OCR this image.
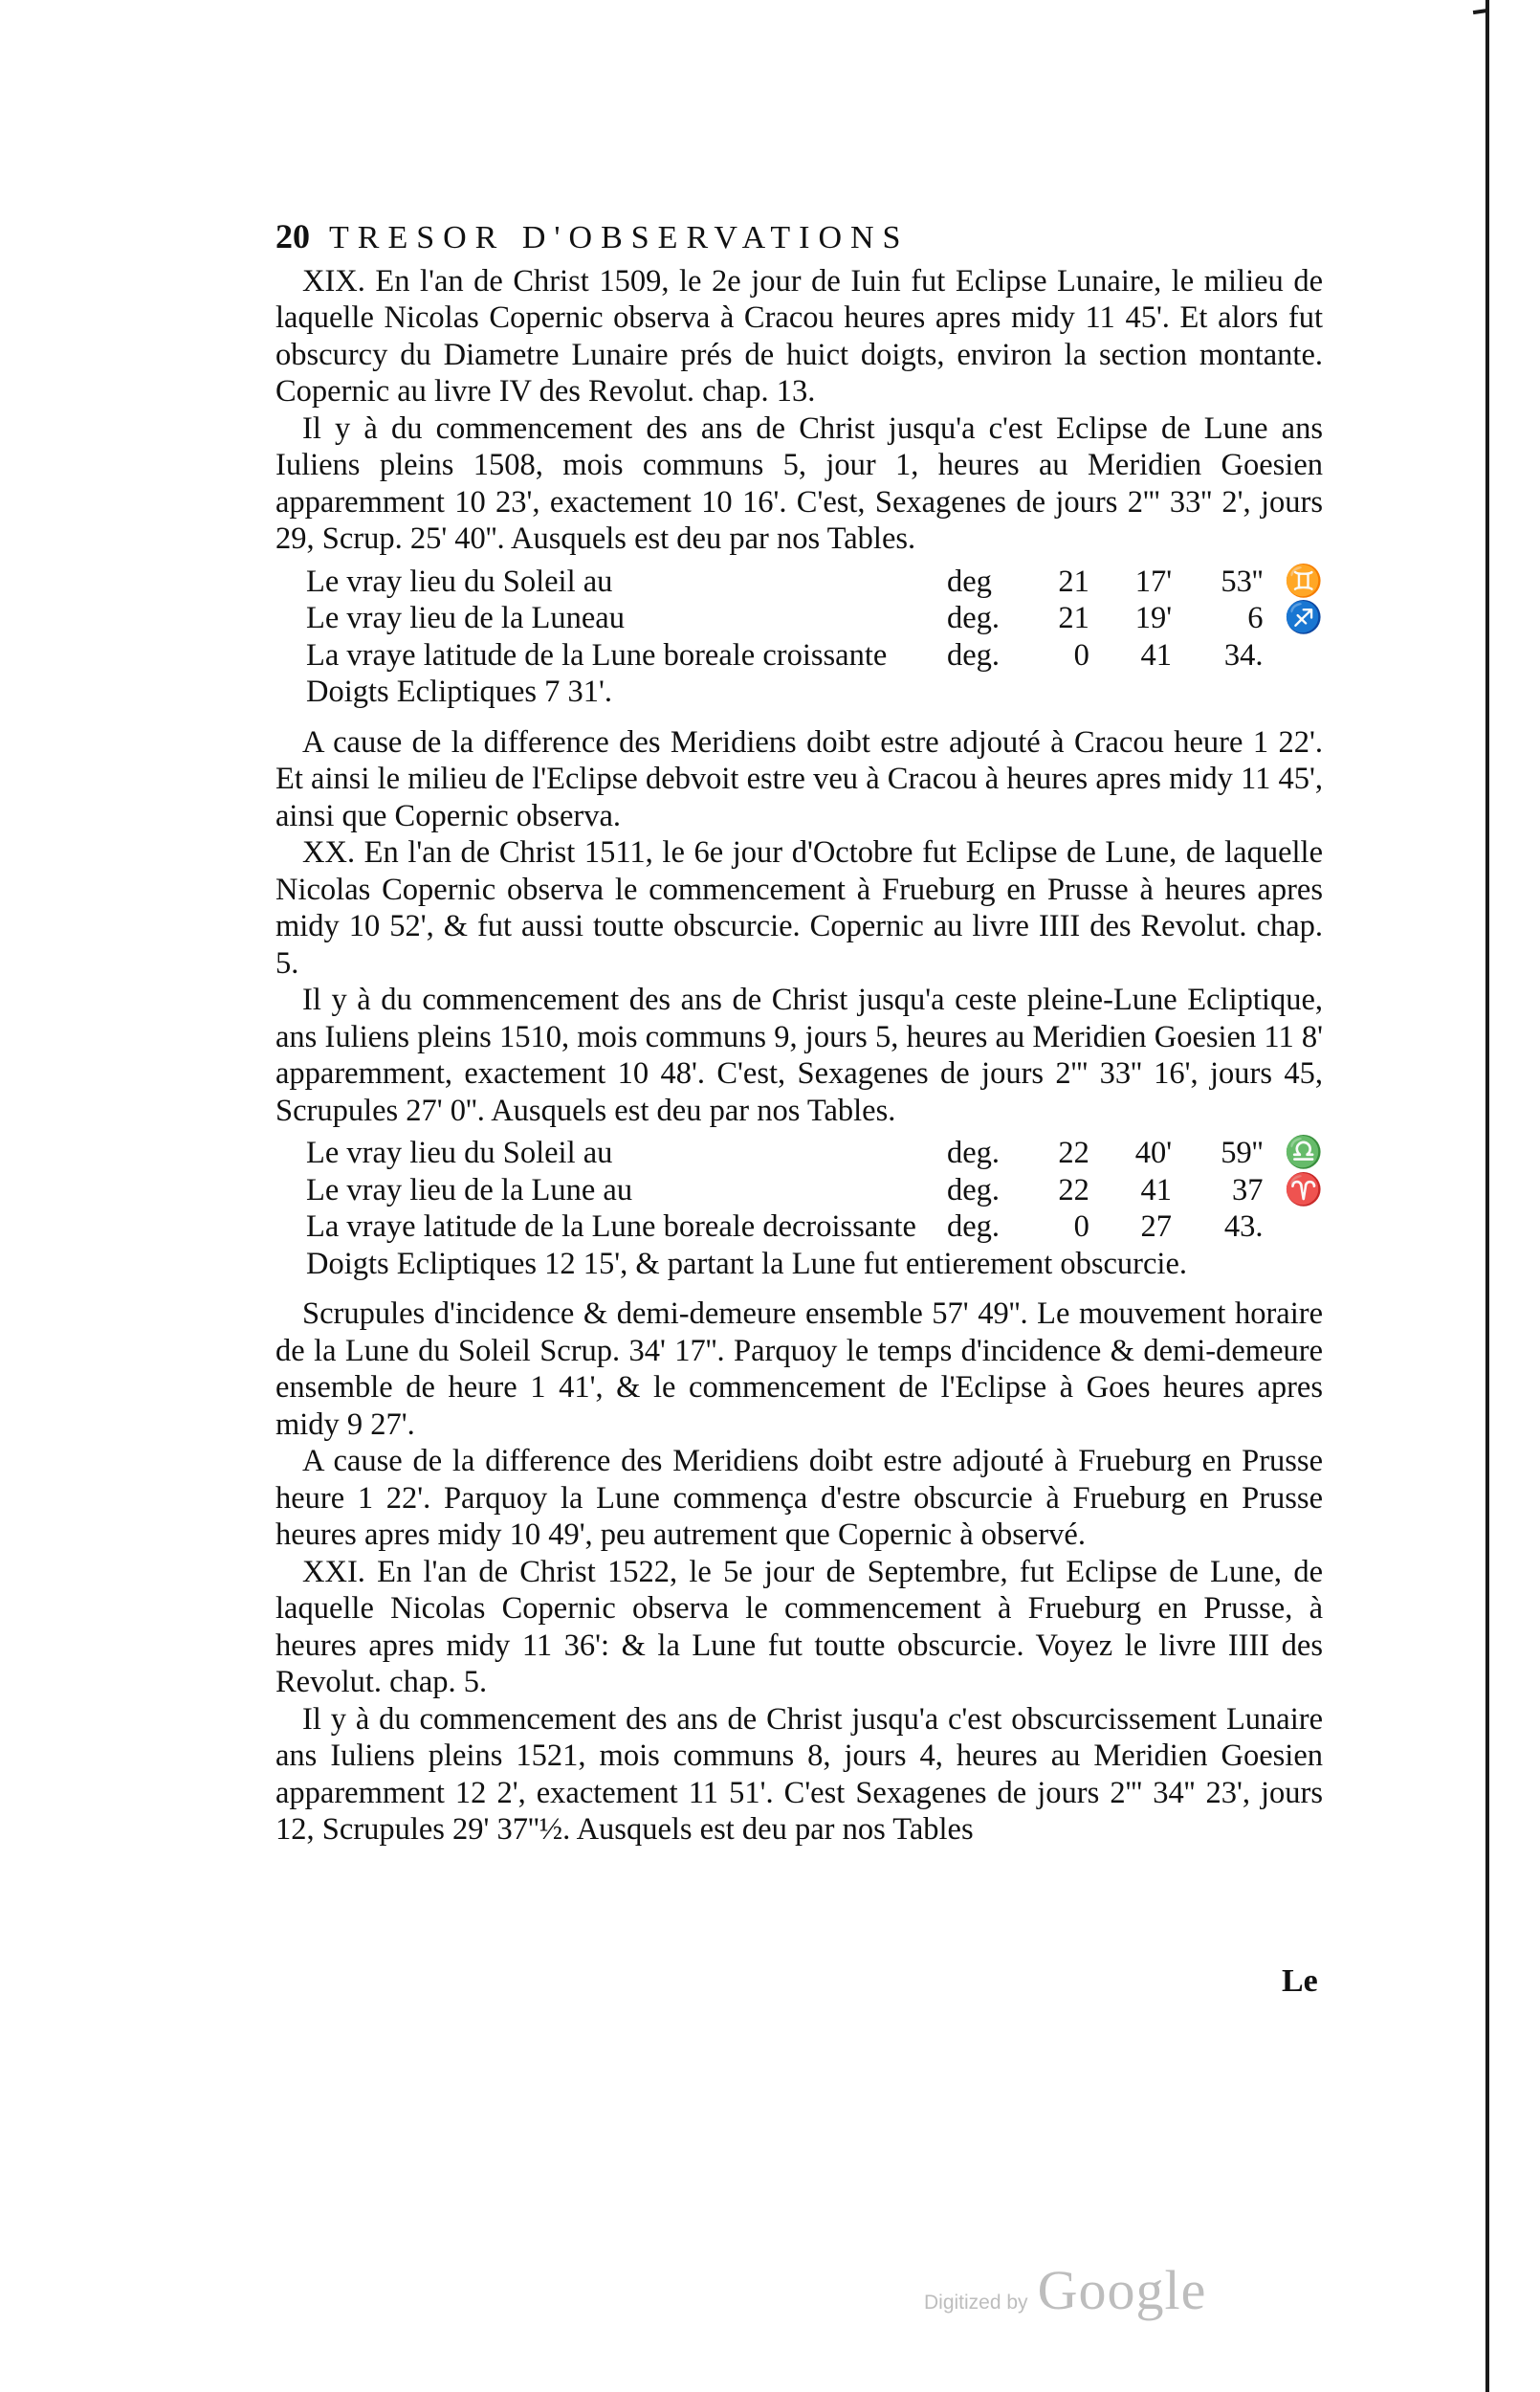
20 TRESOR D'OBSERVATIONS

XIX. En l'an de Christ 1509, le 2e jour de Iuin fut Eclipse Lunaire, le milieu de laquelle Nicolas Copernic observa à Cracou heures apres midy 11 45'. Et alors fut obscurcy du Diametre Lunaire prés de huict doigts, environ la section montante. Copernic au livre IV des Revolut. chap. 13.

Il y à du commencement des ans de Christ jusqu'a c'est Eclipse de Lune ans Iuliens pleins 1508, mois communs 5, jour 1, heures au Meridien Goesien apparemment 10 23', exactement 10 16'. C'est, Sexagenes de jours 2''' 33'' 2', jours 29, Scrup. 25' 40''. Ausquels est deu par nos Tables.

Le vray lieu du Soleil au	deg	21	17'	53''	♊
Le vray lieu de la Luneau	deg.	21	19'	6	♐
La vraye latitude de la Lune boreale croissante	deg.	0	41	34.	
Doigts Ecliptiques 7 31'.					

A cause de la difference des Meridiens doibt estre adjouté à Cracou heure 1 22'. Et ainsi le milieu de l'Eclipse debvoit estre veu à Cracou à heures apres midy 11 45', ainsi que Copernic observa.

XX. En l'an de Christ 1511, le 6e jour d'Octobre fut Eclipse de Lune, de laquelle Nicolas Copernic observa le commencement à Frueburg en Prusse à heures apres midy 10 52', & fut aussi toutte obscurcie. Copernic au livre IIII des Revolut. chap. 5.

Il y à du commencement des ans de Christ jusqu'a ceste pleine-Lune Ecliptique, ans Iuliens pleins 1510, mois communs 9, jours 5, heures au Meridien Goesien 11 8' apparemment, exactement 10 48'. C'est, Sexagenes de jours 2''' 33'' 16', jours 45, Scrupules 27' 0''. Ausquels est deu par nos Tables.

Le vray lieu du Soleil au	deg.	22	40'	59''	♎
Le vray lieu de la Lune au	deg.	22	41	37	♈
La vraye latitude de la Lune boreale decroissante	deg.	0	27	43.	
Doigts Ecliptiques 12 15', & partant la Lune fut entierement obscurcie.					

Scrupules d'incidence & demi-demeure ensemble 57' 49''. Le mouvement horaire de la Lune du Soleil Scrup. 34' 17''. Parquoy le temps d'incidence & demi-demeure ensemble de heure 1 41', & le commencement de l'Eclipse à Goes heures apres midy 9 27'.

A cause de la difference des Meridiens doibt estre adjouté à Frueburg en Prusse heure 1 22'. Parquoy la Lune commença d'estre obscurcie à Frueburg en Prusse heures apres midy 10 49', peu autrement que Copernic à observé.

XXI. En l'an de Christ 1522, le 5e jour de Septembre, fut Eclipse de Lune, de laquelle Nicolas Copernic observa le commencement à Frueburg en Prusse, à heures apres midy 11 36': & la Lune fut toutte obscurcie. Voyez le livre IIII des Revolut. chap. 5.

Il y à du commencement des ans de Christ jusqu'a c'est obscurcissement Lunaire ans Iuliens pleins 1521, mois communs 8, jours 4, heures au Meridien Goesien apparemment 12 2', exactement 11 51'. C'est Sexagenes de jours 2''' 34'' 23', jours 12, Scrupules 29' 37''½. Ausquels est deu par nos Tables

Le
Digitized by Google
